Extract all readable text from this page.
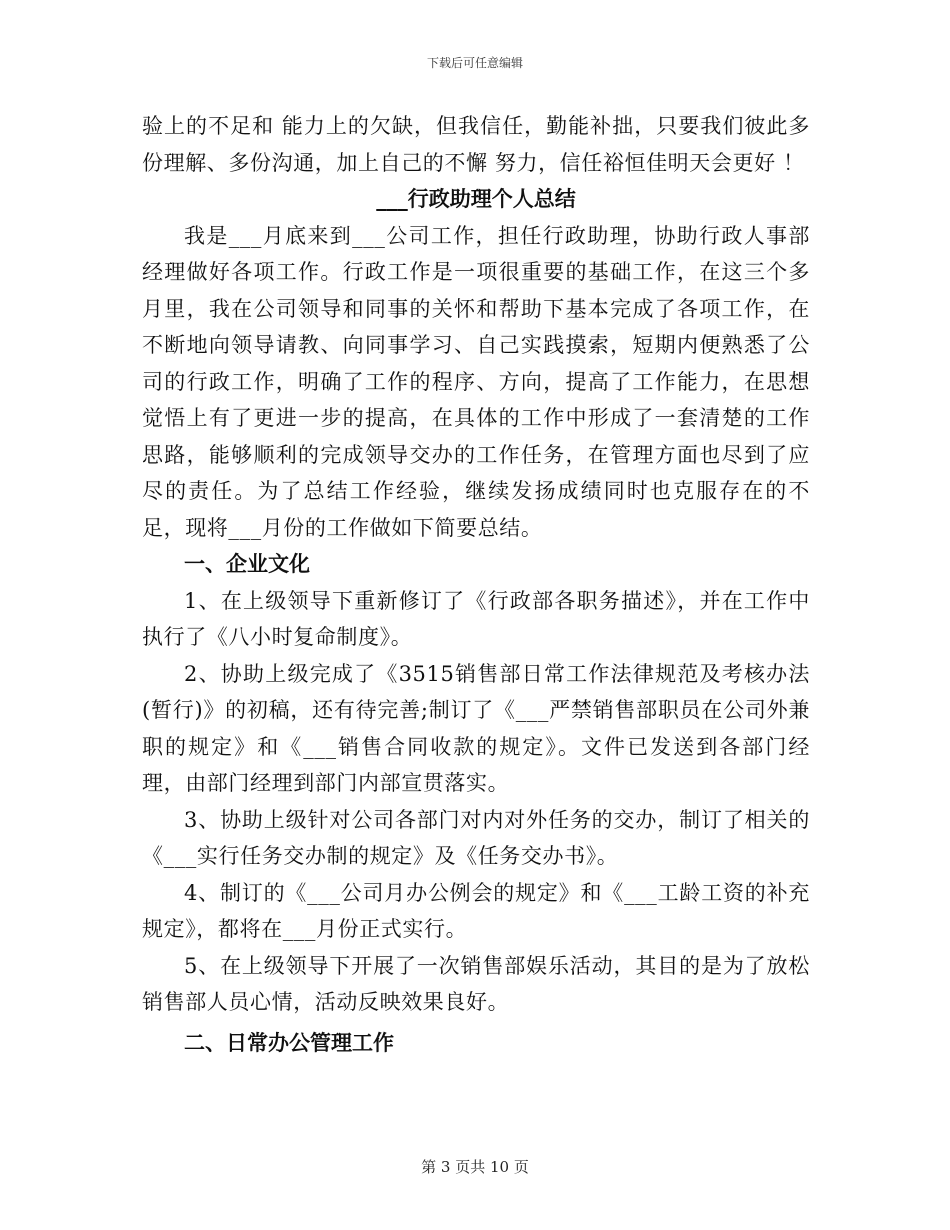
下载后可任意编辑

验上的不足和 能力上的欠缺，但我信任，勤能补拙，只要我们彼此多份理解、多份沟通，加上自己的不懈 努力，信任裕恒佳明天会更好 ！

___行政助理个人总结

我是___月底来到___公司工作，担任行政助理，协助行政人事部经理做好各项工作。行政工作是一项很重要的基础工作，在这三个多月里，我在公司领导和同事的关怀和帮助下基本完成了各项工作，在不断地向领导请教、向同事学习、自己实践摸索，短期内便熟悉了公司的行政工作，明确了工作的程序、方向，提高了工作能力，在思想觉悟上有了更进一步的提高，在具体的工作中形成了一套清楚的工作思路，能够顺利的完成领导交办的工作任务，在管理方面也尽到了应尽的责任。为了总结工作经验，继续发扬成绩同时也克服存在的不足，现将___月份的工作做如下简要总结。

一、企业文化

1、在上级领导下重新修订了《行政部各职务描述》，并在工作中执行了《八小时复命制度》。

2、协助上级完成了《3515销售部日常工作法律规范及考核办法(暂行)》的初稿，还有待完善;制订了《___严禁销售部职员在公司外兼职的规定》和《___销售合同收款的规定》。文件已发送到各部门经理，由部门经理到部门内部宣贯落实。

3、协助上级针对公司各部门对内对外任务的交办，制订了相关的《___实行任务交办制的规定》及《任务交办书》。

4、制订的《___公司月办公例会的规定》和《___工龄工资的补充规定》，都将在___月份正式实行。

5、在上级领导下开展了一次销售部娱乐活动，其目的是为了放松销售部人员心情，活动反映效果良好。

二、日常办公管理工作

第 3 页共 10 页
